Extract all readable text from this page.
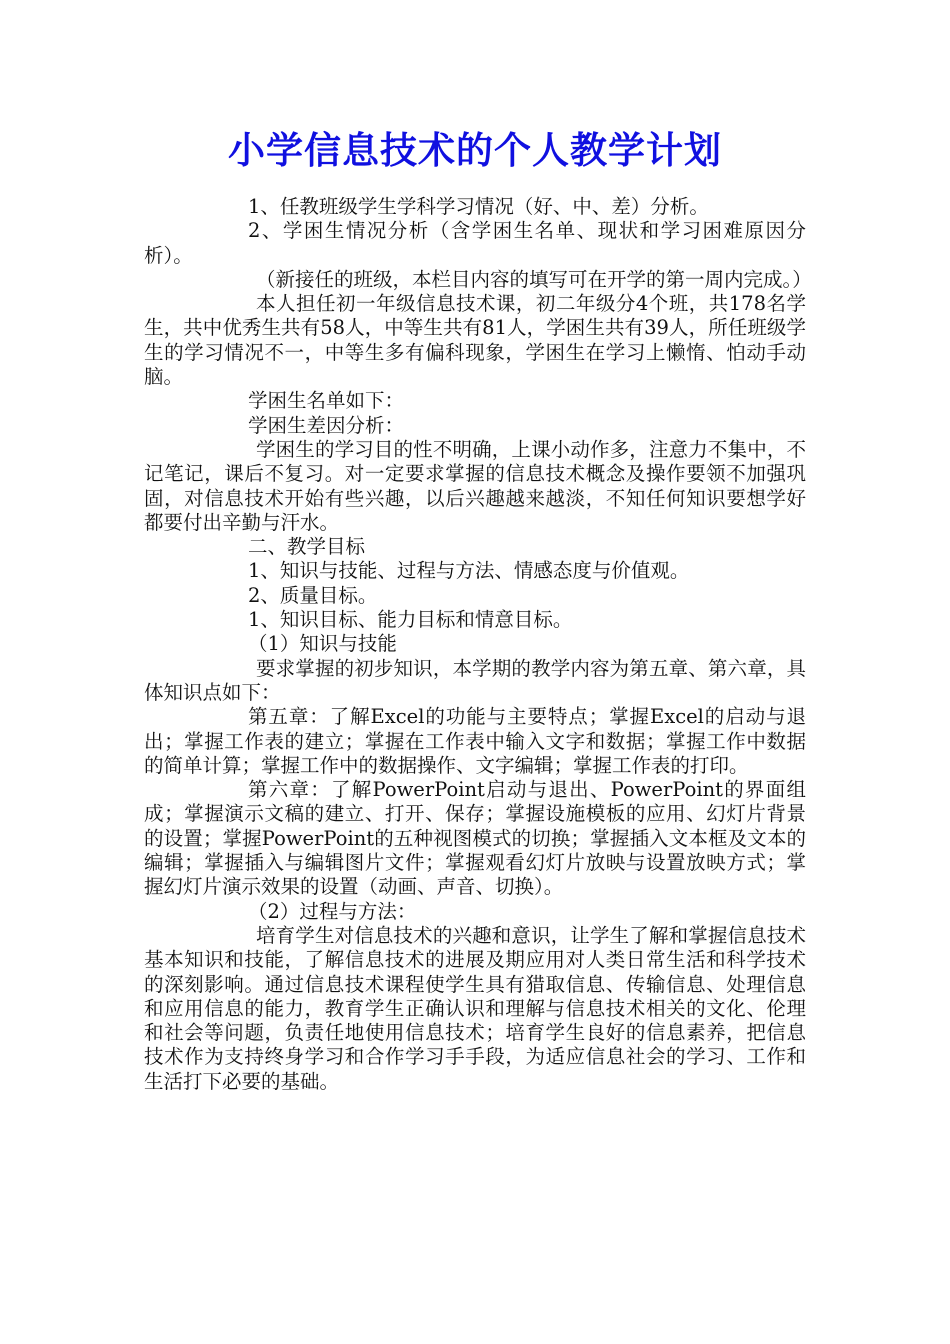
小学信息技术的个人教学计划

1、任教班级学生学科学习情况（好、中、差）分析。

2、学困生情况分析（含学困生名单、现状和学习困难原因分析）。

（新接任的班级，本栏目内容的填写可在开学的第一周内完成。）

本人担任初一年级信息技术课，初二年级分4个班，共178名学生，共中优秀生共有58人，中等生共有81人，学困生共有39人，所任班级学生的学习情况不一，中等生多有偏科现象，学困生在学习上懒惰、怕动手动脑。

学困生名单如下：

学困生差因分析：

学困生的学习目的性不明确，上课小动作多，注意力不集中，不记笔记，课后不复习。对一定要求掌握的信息技术概念及操作要领不加强巩固，对信息技术开始有些兴趣，以后兴趣越来越淡，不知任何知识要想学好都要付出辛勤与汗水。

二、教学目标

1、知识与技能、过程与方法、情感态度与价值观。

2、质量目标。

1、知识目标、能力目标和情意目标。

（1）知识与技能

要求掌握的初步知识，本学期的教学内容为第五章、第六章，具体知识点如下：

第五章：了解Excel的功能与主要特点；掌握Excel的启动与退出；掌握工作表的建立；掌握在工作表中输入文字和数据；掌握工作中数据的简单计算；掌握工作中的数据操作、文字编辑；掌握工作表的打印。

第六章：了解PowerPoint启动与退出、PowerPoint的界面组成；掌握演示文稿的建立、打开、保存；掌握设施模板的应用、幻灯片背景的设置；掌握PowerPoint的五种视图模式的切换；掌握插入文本框及文本的编辑；掌握插入与编辑图片文件；掌握观看幻灯片放映与设置放映方式；掌握幻灯片演示效果的设置（动画、声音、切换）。

（2）过程与方法：

培育学生对信息技术的兴趣和意识，让学生了解和掌握信息技术基本知识和技能，了解信息技术的进展及期应用对人类日常生活和科学技术的深刻影响。通过信息技术课程使学生具有猎取信息、传输信息、处理信息和应用信息的能力，教育学生正确认识和理解与信息技术相关的文化、伦理和社会等问题，负责任地使用信息技术；培育学生良好的信息素养，把信息技术作为支持终身学习和合作学习手手段，为适应信息社会的学习、工作和生活打下必要的基础。
